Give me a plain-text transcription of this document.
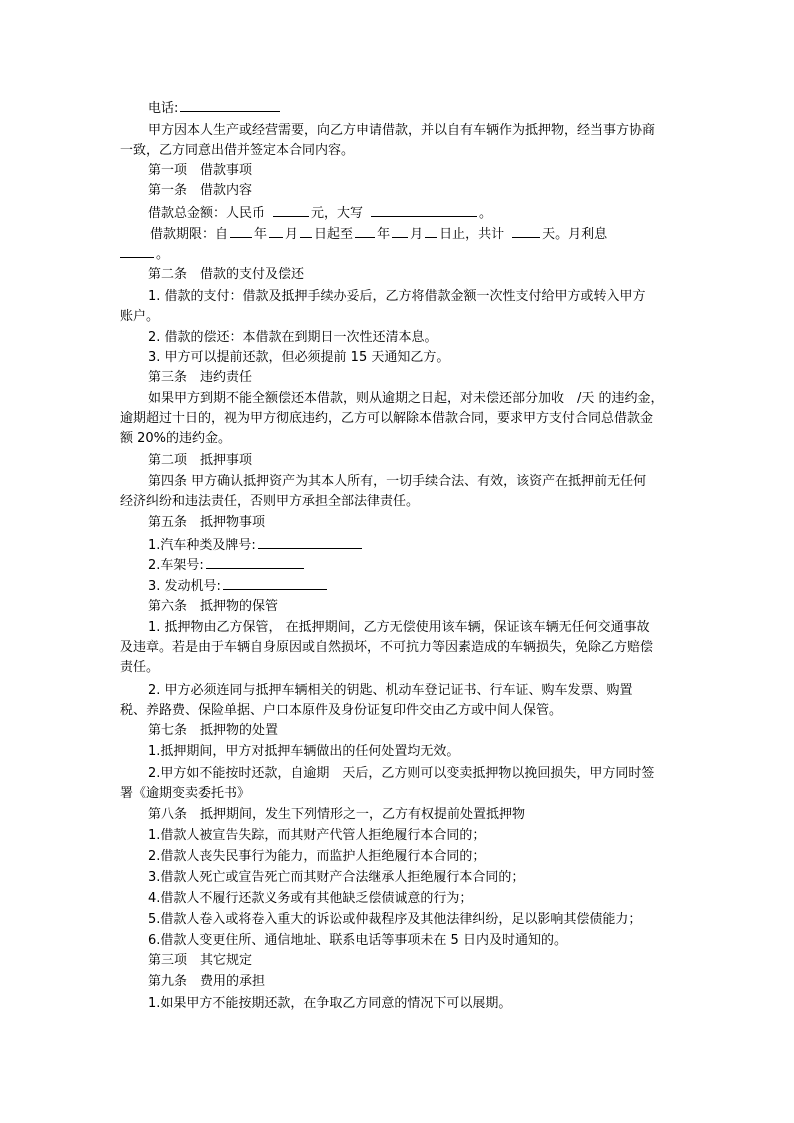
电话:
甲方因本人生产或经营需要，向乙方申请借款，并以自有车辆作为抵押物，经当事方协商
一致，乙方同意出借并签定本合同内容。
第一项　借款事项
第一条　借款内容
借款总金额：人民币	元，大写	。
借款期限：自 年 月 日起至 年 月 日止，共计	天。月利息
。
第二条　借款的支付及偿还
1. 借款的支付：借款及抵押手续办妥后，乙方将借款金额一次性支付给甲方或转入甲方
账户。
2. 借款的偿还：本借款在到期日一次性还清本息。
3. 甲方可以提前还款，但必须提前 15 天通知乙方。
第三条　违约责任
如果甲方到期不能全额偿还本借款，则从逾期之日起，对未偿还部分加收　/天 的违约金，
逾期超过十日的，视为甲方彻底违约，乙方可以解除本借款合同，要求甲方支付合同总借款金
额 20%的违约金。
第二项　抵押事项
第四条 甲方确认抵押资产为其本人所有，一切手续合法、有效，该资产在抵押前无任何
经济纠纷和违法责任，否则甲方承担全部法律责任。
第五条　抵押物事项
1.汽车种类及牌号:
2.车架号:
3. 发动机号:
第六条　抵押物的保管
1. 抵押物由乙方保管， 在抵押期间，乙方无偿使用该车辆，保证该车辆无任何交通事故
及违章。若是由于车辆自身原因或自然损坏，不可抗力等因素造成的车辆损失，免除乙方赔偿
责任。
2. 甲方必须连同与抵押车辆相关的钥匙、机动车登记证书、行车证、购车发票、购置
税、养路费、保险单据、户口本原件及身份证复印件交由乙方或中间人保管。
第七条　抵押物的处置
1.抵押期间，甲方对抵押车辆做出的任何处置均无效。
2.甲方如不能按时还款，自逾期　天后，乙方则可以变卖抵押物以挽回损失，甲方同时签
署《逾期变卖委托书》
第八条　抵押期间，发生下列情形之一，乙方有权提前处置抵押物
1.借款人被宣告失踪，而其财产代管人拒绝履行本合同的；
2.借款人丧失民事行为能力，而监护人拒绝履行本合同的；
3.借款人死亡或宣告死亡而其财产合法继承人拒绝履行本合同的；
4.借款人不履行还款义务或有其他缺乏偿债诚意的行为；
5.借款人卷入或将卷入重大的诉讼或仲裁程序及其他法律纠纷，足以影响其偿债能力；
6.借款人变更住所、通信地址、联系电话等事项未在 5 日内及时通知的。
第三项　其它规定
第九条　费用的承担
1.如果甲方不能按期还款，在争取乙方同意的情况下可以展期。
